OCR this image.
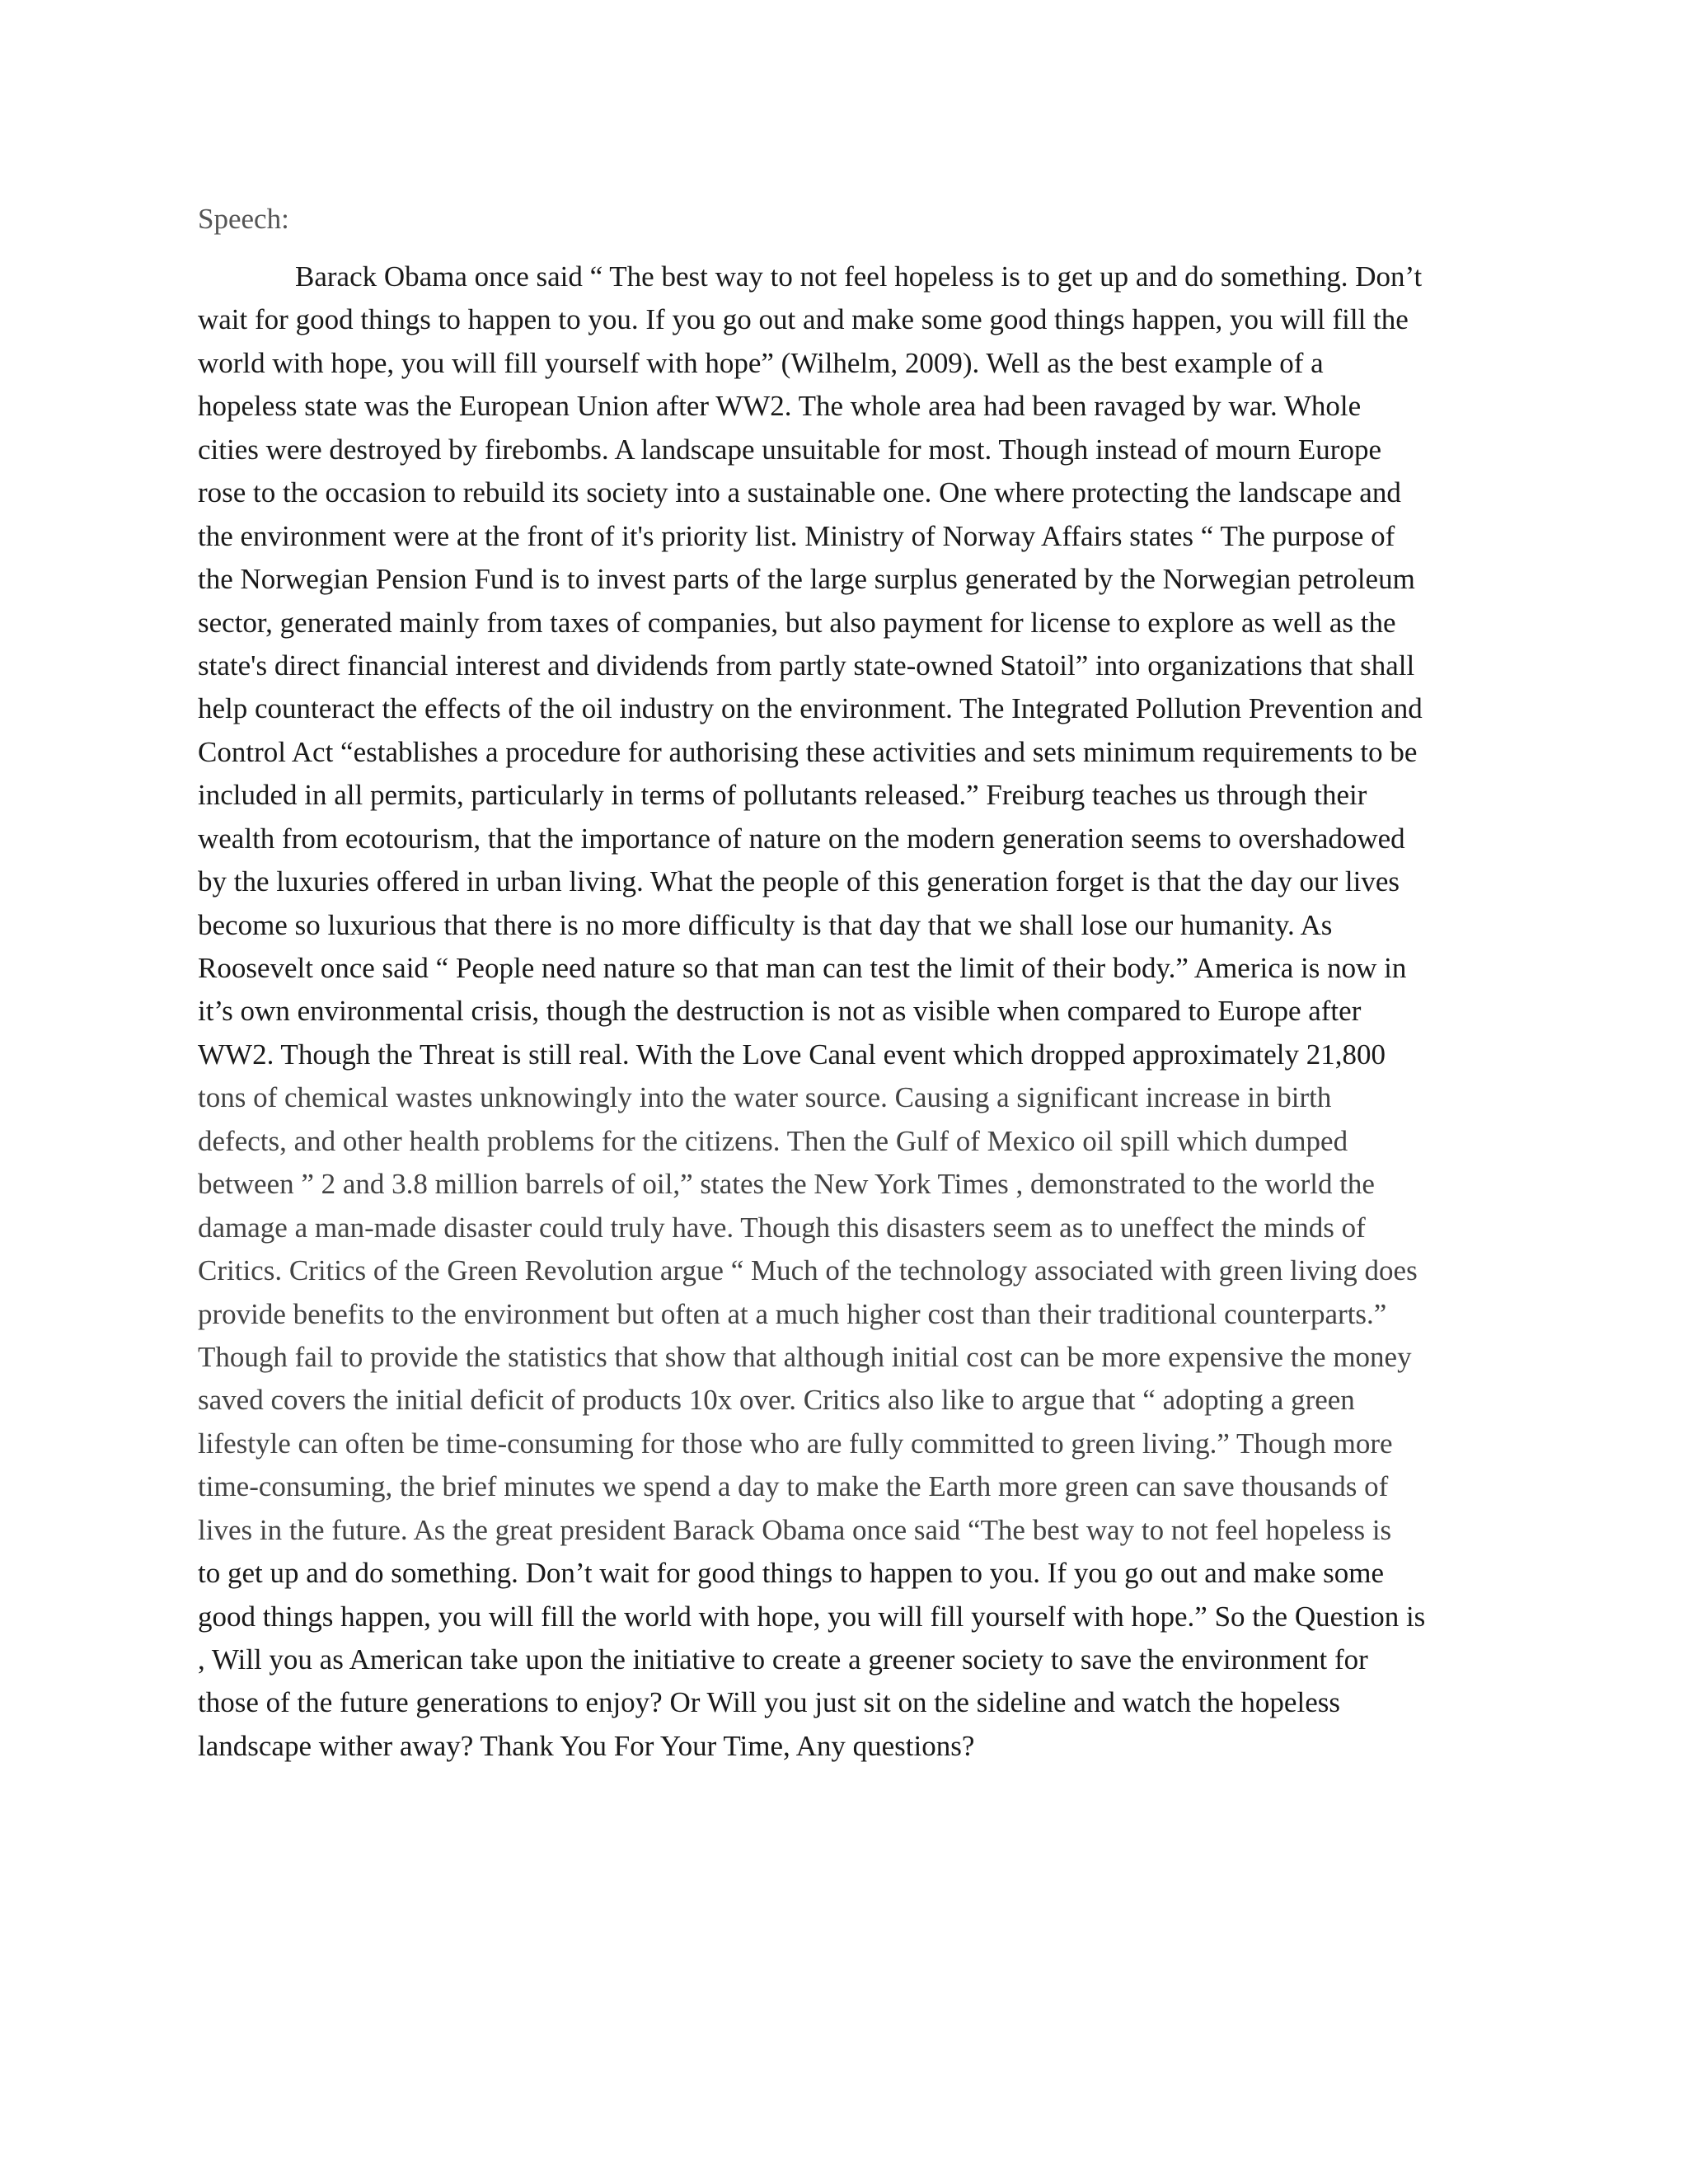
Speech:
Barack Obama once said “ The best way to not feel hopeless is to get up and do something. Don’t
wait for good things to happen to you. If you go out and make some good things happen, you will fill the
world with hope, you will fill yourself with hope” (Wilhelm, 2009). Well as the best example of a
hopeless state was the European Union after WW2. The whole area had been ravaged by war. Whole
cities were destroyed by firebombs. A landscape unsuitable for most. Though instead of mourn Europe
rose to the occasion to rebuild its society into a sustainable one. One where protecting the landscape and
the environment were at the front of it's priority list. Ministry of Norway Affairs states “ The purpose of
the Norwegian Pension Fund is to invest parts of the large surplus generated by the Norwegian petroleum
sector, generated mainly from taxes of companies, but also payment for license to explore as well as the
state's direct financial interest and dividends from partly state-owned Statoil” into organizations that shall
help counteract the effects of the oil industry on the environment. The Integrated Pollution Prevention and
Control Act “establishes a procedure for authorising these activities and sets minimum requirements to be
included in all permits, particularly in terms of pollutants released.” Freiburg teaches us through their
wealth from ecotourism, that the importance of nature on the modern generation seems to overshadowed
by the luxuries offered in urban living. What the people of this generation forget is that the day our lives
become so luxurious that there is no more difficulty is that day that we shall lose our humanity. As
Roosevelt once said “ People need nature so that man can test the limit of their body.” America is now in
it’s own environmental crisis, though the destruction is not as visible when compared to Europe after
WW2. Though the Threat is still real. With the Love Canal event which dropped approximately 21,800
tons of chemical wastes unknowingly into the water source. Causing a significant increase in birth
defects, and other health problems for the citizens. Then the Gulf of Mexico oil spill which dumped
between ” 2 and 3.8 million barrels of oil,” states the New York Times , demonstrated to the world the
damage a man-made disaster could truly have. Though this disasters seem as to uneffect the minds of
Critics. Critics of the Green Revolution argue “ Much of the technology associated with green living does
provide benefits to the environment but often at a much higher cost than their traditional counterparts.”
Though fail to provide the statistics that show that although initial cost can be more expensive the money
saved covers the initial deficit of products 10x over. Critics also like to argue that “ adopting a green
lifestyle can often be time-consuming for those who are fully committed to green living.” Though more
time-consuming, the brief minutes we spend a day to make the Earth more green can save thousands of
lives in the future. As the great president Barack Obama once said “The best way to not feel hopeless is
to get up and do something. Don’t wait for good things to happen to you. If you go out and make some
good things happen, you will fill the world with hope, you will fill yourself with hope.” So the Question is
, Will you as American take upon the initiative to create a greener society to save the environment for
those of the future generations to enjoy? Or Will you just sit on the sideline and watch the hopeless
landscape wither away? Thank You For Your Time, Any questions?
